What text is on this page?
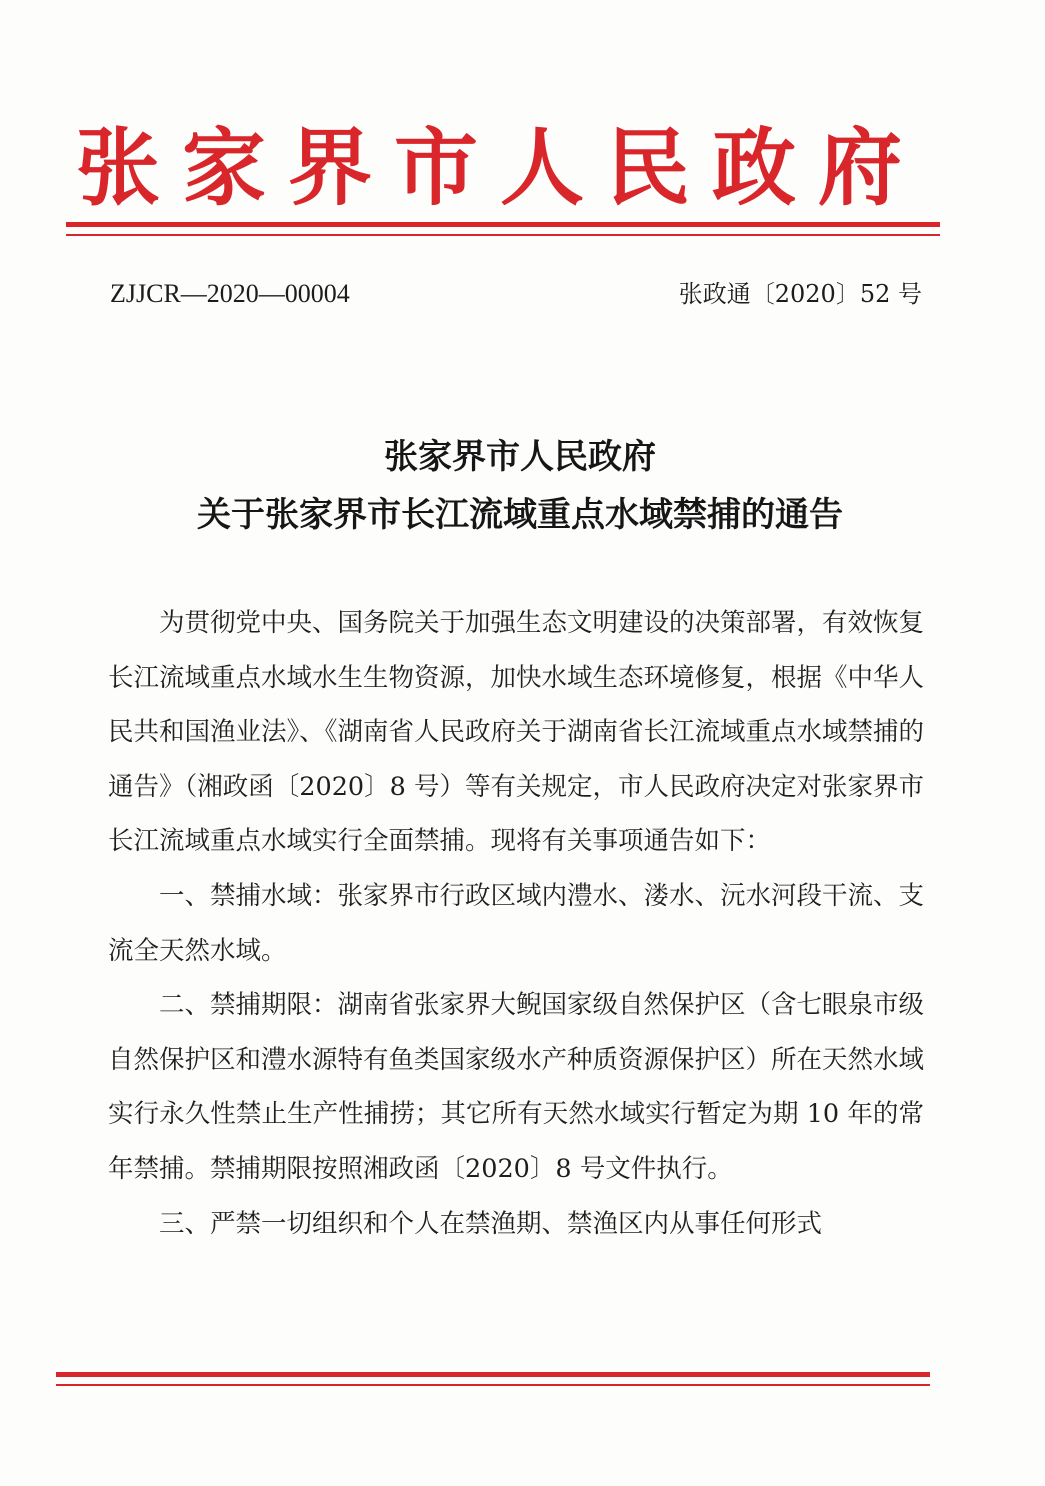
张家界市人民政府
ZJJCR—2020—00004	张政通〔2020〕52 号
张家界市人民政府
关于张家界市长江流域重点水域禁捕的通告

为贯彻党中央、国务院关于加强生态文明建设的决策部署，有效恢复长江流域重点水域水生生物资源，加快水域生态环境修复，根据《中华人民共和国渔业法》、《湖南省人民政府关于湖南省长江流域重点水域禁捕的通告》（湘政函〔2020〕8 号）等有关规定，市人民政府决定对张家界市长江流域重点水域实行全面禁捕。现将有关事项通告如下：

一、禁捕水域：张家界市行政区域内澧水、溇水、沅水河段干流、支流全天然水域。

二、禁捕期限：湖南省张家界大鲵国家级自然保护区（含七眼泉市级自然保护区和澧水源特有鱼类国家级水产种质资源保护区）所在天然水域实行永久性禁止生产性捕捞；其它所有天然水域实行暂定为期 10 年的常年禁捕。禁捕期限按照湘政函〔2020〕8 号文件执行。

三、严禁一切组织和个人在禁渔期、禁渔区内从事任何形式
